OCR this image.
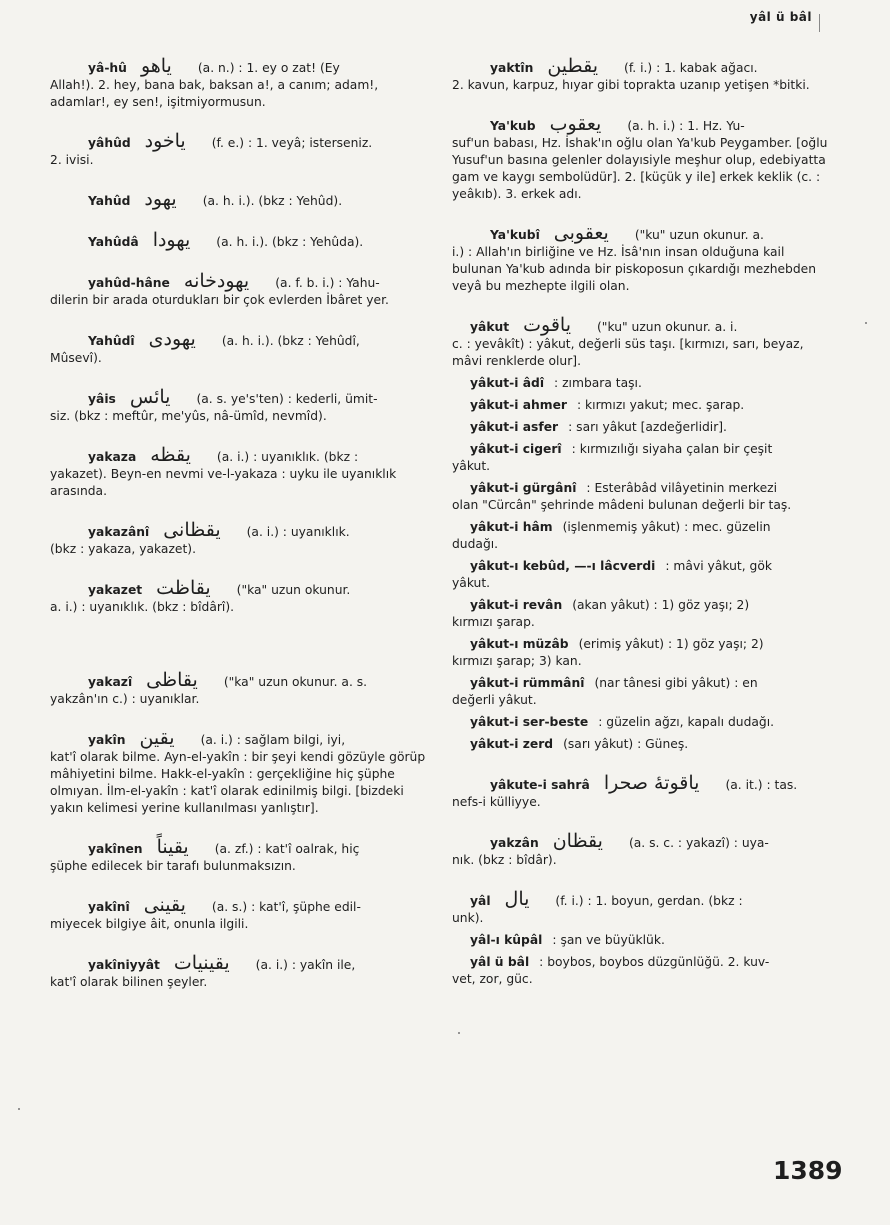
yâl ü bâl

yâ-hû یاهو (a. n.) : 1. ey o zat! (Ey

Allah!). 2. hey, bana bak, baksan a!, a canım; adam!, adamlar!, ey sen!, işitmiyormusun.

yâhûd یاخود (f. e.) : 1. veyâ; isterseniz.

2. ivisi.

Yahûd یهود (a. h. i.). (bkz : Yehûd).

Yahûdâ یهودا (a. h. i.). (bkz : Yehûda).

yahûd-hâne یهودخانه (a. f. b. i.) : Yahu-

dilerin bir arada oturdukları bir çok evlerden İbâret yer.

Yahûdî یهودی (a. h. i.). (bkz : Yehûdî,

Mûsevî).

yâis یائس (a. s. ye's'ten) : kederli, ümit-

siz. (bkz : meftûr, me'yûs, nâ-ümîd, nevmîd).

yakaza یقظه (a. i.) : uyanıklık. (bkz :

yakazet). Beyn-en nevmi ve-l-yakaza : uyku ile uyanıklık arasında.

yakazânî یقظانی (a. i.) : uyanıklık.

(bkz : yakaza, yakazet).

yakazet یقاظت ("ka" uzun okunur.

a. i.) : uyanıklık. (bkz : bîdârî).

yakazî یقاظی ("ka" uzun okunur. a. s.

yakzân'ın c.) : uyanıklar.

yakîn یقین (a. i.) : sağlam bilgi, iyi,

kat'î olarak bilme. Ayn-el-yakîn : bir şeyi kendi gözüyle görüp mâhiyetini bilme. Hakk-el-yakîn : gerçekliğine hiç şüphe olmıyan. İlm-el-yakîn : kat'î olarak edinilmiş bilgi. [bizdeki yakın kelimesi yerine kullanılması yanlıştır].

yakînen یقیناً (a. zf.) : kat'î oalrak, hiç

şüphe edilecek bir tarafı bulunmaksızın.

yakînî یقینی (a. s.) : kat'î, şüphe edil-

miyecek bilgiye âit, onunla ilgili.

yakîniyyât یقینیات (a. i.) : yakîn ile,

kat'î olarak bilinen şeyler.

yaktîn یقطین (f. i.) : 1. kabak ağacı.

2. kavun, karpuz, hıyar gibi toprakta uzanıp yetişen *bitki.

Ya'kub یعقوب (a. h. i.) : 1. Hz. Yu-

suf'un babası, Hz. İshak'ın oğlu olan Ya'kub Peygamber. [oğlu Yusuf'un basına gelenler dolayısiyle meşhur olup, edebiyatta gam ve kaygı sembolüdür]. 2. [küçük y ile] erkek keklik (c. : yeâkıb). 3. erkek adı.

Ya'kubî یعقوبی ("ku" uzun okunur. a.

i.) : Allah'ın birliğine ve Hz. İsâ'nın insan olduğuna kail bulunan Ya'kub adında bir piskoposun çıkardığı mezhebden veyâ bu mezhepte ilgili olan.

yâkut یاقوت ("ku" uzun okunur. a. i.

c. : yevâkît) : yâkut, değerli süs taşı. [kırmızı, sarı, beyaz, mâvi renklerde olur].

yâkut-i âdî : zımbara taşı.

yâkut-i ahmer : kırmızı yakut; mec. şarap.

yâkut-i asfer : sarı yâkut [azdeğerlidir].

yâkut-i cigerî : kırmızılığı siyaha çalan bir çeşit

yâkut.

yâkut-i gürgânî : Esterâbâd vilâyetinin merkezi

olan "Cürcân" şehrinde mâdeni bulunan değerli bir taş.

yâkut-i hâm (işlenmemiş yâkut) : mec. güzelin

dudağı.

yâkut-ı kebûd, —-ı lâcverdi : mâvi yâkut, gök

yâkut.

yâkut-i revân (akan yâkut) : 1) göz yaşı; 2)

kırmızı şarap.

yâkut-ı müzâb (erimiş yâkut) : 1) göz yaşı; 2)

kırmızı şarap; 3) kan.

yâkut-i rümmânî (nar tânesi gibi yâkut) : en

değerli yâkut.

yâkut-i ser-beste : güzelin ağzı, kapalı dudağı.

yâkut-i zerd (sarı yâkut) : Güneş.

yâkute-i sahrâ یاقوتهٔ صحرا (a. it.) : tas.

nefs-i külliyye.

yakzân یقظان (a. s. c. : yakazî) : uya-

nık. (bkz : bîdâr).

yâl یال (f. i.) : 1. boyun, gerdan. (bkz :

unk).

yâl-ı kûpâl : şan ve büyüklük.

yâl ü bâl : boybos, boybos düzgünlüğü. 2. kuv-

vet, zor, güc.

1389
